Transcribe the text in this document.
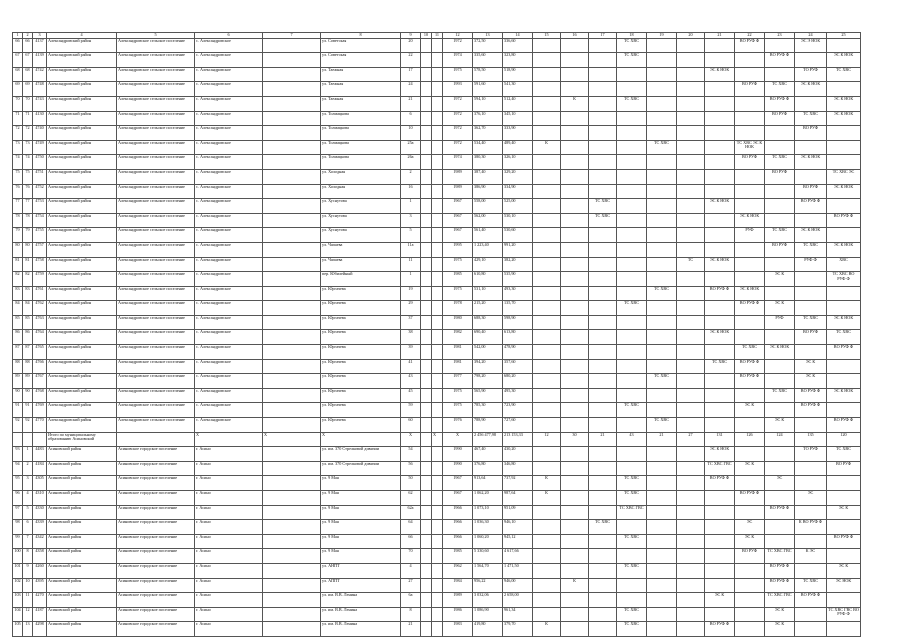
1	2	3	4	5	6	7	8	9	10	11	12	13	14	15	16	17	18	19	20	21	22	23	24	25
66	66	4137	Александровский район	Александровское сельское поселение	с. Александровское		ул. Советская	20			1972	372,50	336,60				ТС ХВС				ВО РУФ Ф		ЭС Э НОК	
67	67	4139	Александровский район	Александровское сельское поселение	с. Александровское		ул. Советская	22			1974	335,60	323,80				ТС ХВС					ВО РУФ Ф		ЭС К НОК
68	68	4742	Александровский район	Александровское сельское поселение	с. Александровское		ул. Таежная	17			1975	578,50	518,90							ЭС К НОК			ТО РУФ	ТС ХВС
69	69	4748	Александровский район	Александровское сельское поселение	с. Александровское		ул. Таежная	24			1993	591,60	541,30								ВО РУФ	ТС ХВС	ЭС К НОК	
70	70	4743	Александровский район	Александровское сельское поселение	с. Александровское		ул. Таежная	21			1972	594,10	512,40		К		ТС ХВС					ВО РУФ Ф		ЭС К НОК
71	71	4130	Александровский район	Александровское сельское поселение	с. Александровское		ул. Толмацкова	6			1972	376,10	345,10									ВО РУФ	ТС ХВС	ЭС К НОК
72	72	4740	Александровский район	Александровское сельское поселение	с. Александровское		ул. Толмацкова	10			1972	362,70	333,90										ВО РУФ	
73	73	4749	Александровский район	Александровское сельское поселение	с. Александровское		ул. Толмацкова	25а			1972	534,40	489,40	К				ТС ХВС			ТС ХВС ЭС К НОК			
74	74	4750	Александровский район	Александровское сельское поселение	с. Александровское		ул. Толмацкова	26а			1974	380,30	326,10								ВО РУФ	ТС ХВС	ЭС К НОК	
75	75	4751	Александровский район	Александровское сельское поселение	с. Александровское		ул. Холодная	2			1989	387,40	329,20									ВО РУФ		ТС ХВС ЭС
76	76	4752	Александровский район	Александровское сельское поселение	с. Александровское		ул. Холодная	16			1989	386,90	334,90										ВО РУФ	ЭС К НОК
77	77	4753	Александровский район	Александровское сельское поселение	с. Александровское		ул. Хуснутова	1			1967	558,00	525,00			ТС ХВС				ЭС К НОК			ВО РУФ Ф	
78	78	4754	Александровский район	Александровское сельское поселение	с. Александровское		ул. Хуснутова	3			1967	562,00	530,10			ТС ХВС					ЭС К НОК			ВО РУФ Ф
79	79	4755	Александровский район	Александровское сельское поселение	с. Александровское		ул. Хуснутова	5			1967	561,40	530,60								РУФ	ТС ХВС	ЭС К НОК	
80	80	4757	Александровский район	Александровское сельское поселение	с. Александровское		ул. Чапаева	11а			1995	1 223,40	991,20									ВО РУФ	ТС ХВС	ЭС К НОК
81	81	4758	Александровский район	Александровское сельское поселение	с. Александровское		ул. Чапаева	11			1975	429,10	382,20						ТС	ЭС К НОК			РУФ Ф	ХВС
82	82	4759	Александровский район	Александровское сельское поселение	с. Александровское		пер. Юбилейный	1			1985	610,80	535,90									ЭС К		ТС ХВС ВО РУФ Ф
83	83	4761	Александровский район	Александровское сельское поселение	с. Александровское		ул. Юргачева	19			1975	531,10	493,30					ТС ХВС		ВО РУФ Ф	ЭС К НОК			
84	84	4762	Александровский район	Александровское сельское поселение	с. Александровское		ул. Юргачева	29			1978	215,20	135,70				ТС ХВС				ВО РУФ Ф	ЭС К		
85	85	4763	Александровский район	Александровское сельское поселение	с. Александровское		ул. Юргачева	37			1980	688,30	598,90									РУФ	ТС ХВС	ЭС К НОК
86	86	4764	Александровский район	Александровское сельское поселение	с. Александровское		ул. Юргачева	38			1982	690,40	613,80							ЭС К НОК			ВО РУФ	ТС ХВС
87	87	4765	Александровский район	Александровское сельское поселение	с. Александровское		ул. Юргачева	39			1981	542,00	478,90								ТС ХВС	ЭС К НОК		ВО РУФ Ф
88	88	4766	Александровский район	Александровское сельское поселение	с. Александровское		ул. Юргачева	41			1981	394,20	357,60							ТС ХВС	ВО РУФ Ф		ЭС К	
89	89	4767	Александровский район	Александровское сельское поселение	с. Александровское		ул. Юргачева	43			1977	798,20	680,20					ТС ХВС			ВО РУФ Ф		ЭС К	
90	90	4768	Александровский район	Александровское сельское поселение	с. Александровское		ул. Юргачева	45			1975	565,90	495,30									ТС ХВС	ВО РУФ Ф	ЭС К НОК
91	91	4769	Александровский район	Александровское сельское поселение	с. Александровское		ул. Юргачева	59			1975	785,30	723,90				ТС ХВС				ЭС К		ВО РУФ Ф	
92	92	4770	Александровский район	Александровское сельское поселение	с. Александровское		ул. Юргачева	60			1976	788,90	727,60					ТС ХВС				ЭС К		ВО РУФ Ф
			Итого по муниципальному образованию Асиновский		Х	Х	Х	Х		Х	Х	2 456 477,98	213 153,33	12	30	21	43	21	27	131	126	124	135	120
93	1	4483	Асиновский район	Асиновское городское поселение	г. Асино		ул. им. 370 Стрелковой дивизии	54			1990	467,40	430,20							ЭС К НОК			ТО РУФ	ТС ХВС
94	2	4184	Асиновский район	Асиновское городское поселение	г. Асино		ул. им. 370 Стрелковой дивизии	56			1990	376,80	346,80							ТС ХВС ГВС	ЭС К			ВО РУФ
95	3	4305	Асиновский район	Асиновское городское поселение	г. Асино		ул. 9 Мая	50			1967	913,64	737,92	К			ТС ХВС			ВО РУФ Ф		ЭС		
96	4	4310	Асиновский район	Асиновское городское поселение	г. Асино		ул. 9 Мая	62			1967	1 062,20	987,64	К			ТС ХВС				ВО РУФ Ф		ЭС	
97	5	4330	Асиновский район	Асиновское городское поселение	г. Асино		ул. 9 Мая	62а			1966	1 073,10	951,09				ТС ХВС ГВС					ВО РУФ Ф		ЭС К
98	6	4339	Асиновский район	Асиновское городское поселение	г. Асино		ул. 9 Мая	64			1966	1 036,30	946,10			ТС ХВС					ЭС		К ВО РУФ Ф	
99	7	4342	Асиновский район	Асиновское городское поселение	г. Асино		ул. 9 Мая	66			1966	1 060,20	945,12				ТС ХВС				ЭС К			ВО РУФ Ф
100	8	4358	Асиновский район	Асиновское городское поселение	г. Асино		ул. 9 Мая	70			1985	5 330,60	4 617,66								ВО РУФ	ТС ХВС ГВС	К ЭС	
101	9	4260	Асиновский район	Асиновское городское поселение	г. Асино		ул. АНПТ	4			1962	1 564,70	1 471,50				ТС ХВС					ВО РУФ Ф		ЭС К
102	10	4395	Асиновский район	Асиновское городское поселение	г. Асино		ул. АППТ	27			1984	956,22	946,00		К							ВО РУФ Ф	ТС ХВС	ЭС НОК
103	11	4270	Асиновский район	Асиновское городское поселение	г. Асино		ул. им. В.В. Ленина	6а			1989	3 032,06	2 658,00							ЭС К		ТС ХВС ГВС	ВО РУФ Ф	
104	12	4187	Асиновский район	Асиновское городское поселение	г. Асино		ул. им. В.В. Ленина	8			1986	1 086,90	961,34				ТС ХВС					ЭС К		ТС ХВС ГВС ВО РУФ Ф
105	13	4298	Асиновский район	Асиновское городское поселение	г. Асино		ул. им. В.В. Ленина	21			1983	419,80	379,70	К			ТС ХВС			ВО РУФ Ф		ЭС К		
